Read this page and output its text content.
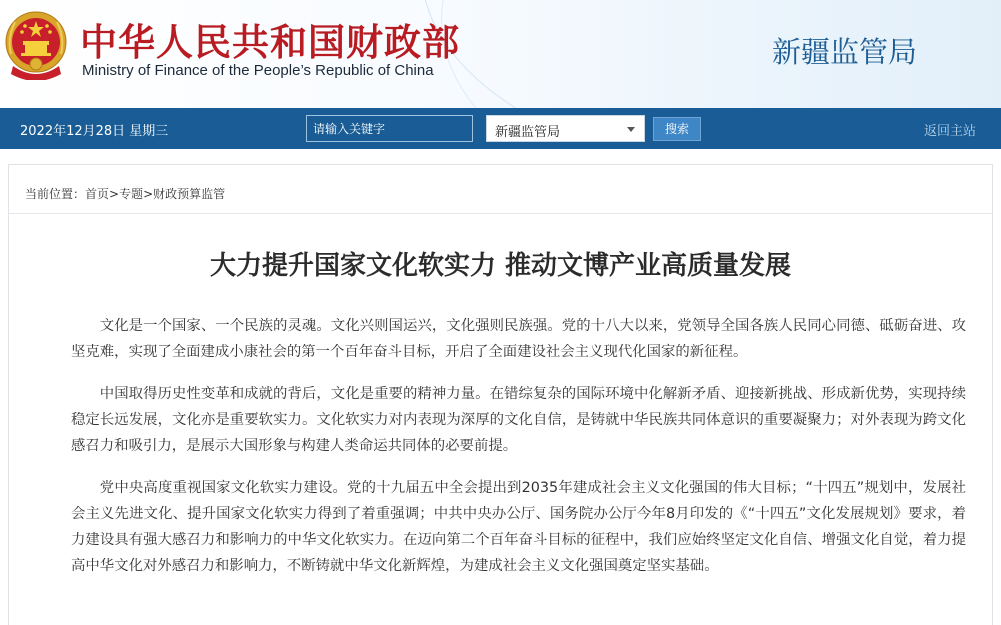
中华人民共和国财政部
Ministry of Finance of the People’s Republic of China
新疆监管局
2022年12月28日 星期三
请输入关键字	新疆监管局	搜索	返回主站
当前位置：首页>专题>财政预算监管
大力提升国家文化软实力 推动文博产业高质量发展

文化是一个国家、一个民族的灵魂。文化兴则国运兴，文化强则民族强。党的十八大以来，党领导全国各族人民同心同德、砥砺奋进、攻坚克难，实现了全面建成小康社会的第一个百年奋斗目标，开启了全面建设社会主义现代化国家的新征程。

中国取得历史性变革和成就的背后，文化是重要的精神力量。在错综复杂的国际环境中化解新矛盾、迎接新挑战、形成新优势，实现持续稳定长远发展，文化亦是重要软实力。文化软实力对内表现为深厚的文化自信，是铸就中华民族共同体意识的重要凝聚力；对外表现为跨文化感召力和吸引力，是展示大国形象与构建人类命运共同体的必要前提。

党中央高度重视国家文化软实力建设。党的十九届五中全会提出到2035年建成社会主义文化强国的伟大目标；“十四五”规划中，发展社会主义先进文化、提升国家文化软实力得到了着重强调；中共中央办公厅、国务院办公厅今年8月印发的《“十四五”文化发展规划》要求，着力建设具有强大感召力和影响力的中华文化软实力。在迈向第二个百年奋斗目标的征程中，我们应始终坚定文化自信、增强文化自觉，着力提高中华文化对外感召力和影响力，不断铸就中华文化新辉煌，为建成社会主义文化强国奠定坚实基础。
